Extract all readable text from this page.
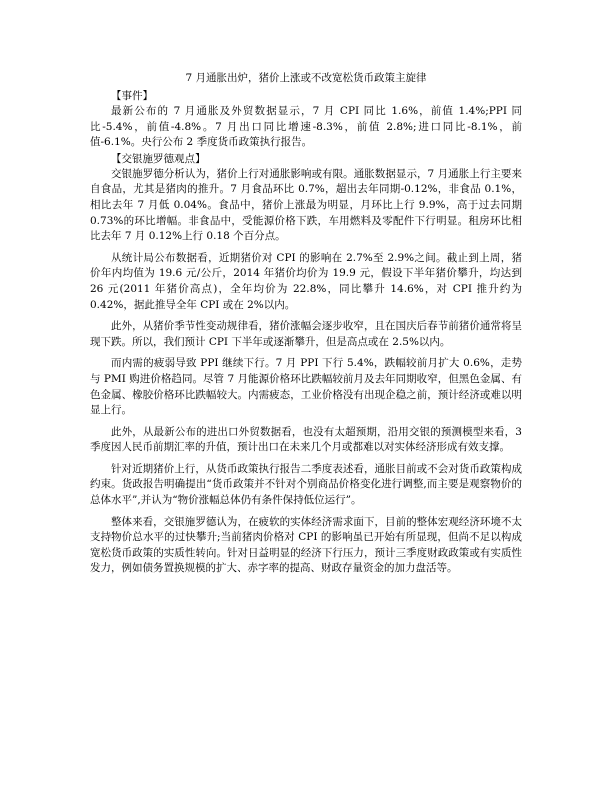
7 月通胀出炉，猪价上涨或不改宽松货币政策主旋律
【事件】

最新公布的 7 月通胀及外贸数据显示，7 月 CPI 同比 1.6%，前值 1.4%;PPI 同比-5.4%，前值-4.8%。7 月出口同比增速-8.3%，前值 2.8%;进口同比-8.1%，前值-6.1%。央行公布 2 季度货币政策执行报告。

【交银施罗德观点】

交银施罗德分析认为，猪价上行对通胀影响或有限。通胀数据显示，7 月通胀上行主要来自食品，尤其是猪肉的推升。7 月食品环比 0.7%，超出去年同期-0.12%，非食品 0.1%，相比去年 7 月低 0.04%。食品中，猪价上涨最为明显，月环比上行 9.9%，高于过去同期 0.73%的环比增幅。非食品中，受能源价格下跌，车用燃料及零配件下行明显。租房环比相比去年 7 月 0.12%上行 0.18 个百分点。

从统计局公布数据看，近期猪价对 CPI 的影响在 2.7%至 2.9%之间。截止到上周，猪价年内均值为 19.6 元/公斤，2014 年猪价均价为 19.9 元，假设下半年猪价攀升，均达到 26 元(2011 年猪价高点)，全年均价为 22.8%，同比攀升 14.6%，对 CPI 推升约为 0.42%，据此推导全年 CPI 或在 2%以内。

此外，从猪价季节性变动规律看，猪价涨幅会逐步收窄，且在国庆后春节前猪价通常将呈现下跌。所以，我们预计 CPI 下半年或逐渐攀升，但是高点或在 2.5%以内。

而内需的疲弱导致 PPI 继续下行。7 月 PPI 下行 5.4%，跌幅较前月扩大 0.6%，走势与 PMI 购进价格趋同。尽管 7 月能源价格环比跌幅较前月及去年同期收窄，但黑色金属、有色金属、橡胶价格环比跌幅较大。内需疲态，工业价格没有出现企稳之前，预计经济或难以明显上行。

此外，从最新公布的进出口外贸数据看，也没有太超预期，沿用交银的预测模型来看，3 季度因人民币前期汇率的升值，预计出口在未来几个月或都难以对实体经济形成有效支撑。

针对近期猪价上行，从货币政策执行报告二季度表述看，通胀目前或不会对货币政策构成约束。货政报告明确提出“货币政策并不针对个别商品价格变化进行调整,而主要是观察物价的总体水平”,并认为“物价涨幅总体仍有条件保持低位运行”。

整体来看，交银施罗德认为，在疲软的实体经济需求面下，目前的整体宏观经济环境不太支持物价总水平的过快攀升;当前猪肉价格对 CPI 的影响虽已开始有所显现，但尚不足以构成宽松货币政策的实质性转向。针对日益明显的经济下行压力，预计三季度财政政策或有实质性发力，例如债务置换规模的扩大、赤字率的提高、财政存量资金的加力盘活等。
